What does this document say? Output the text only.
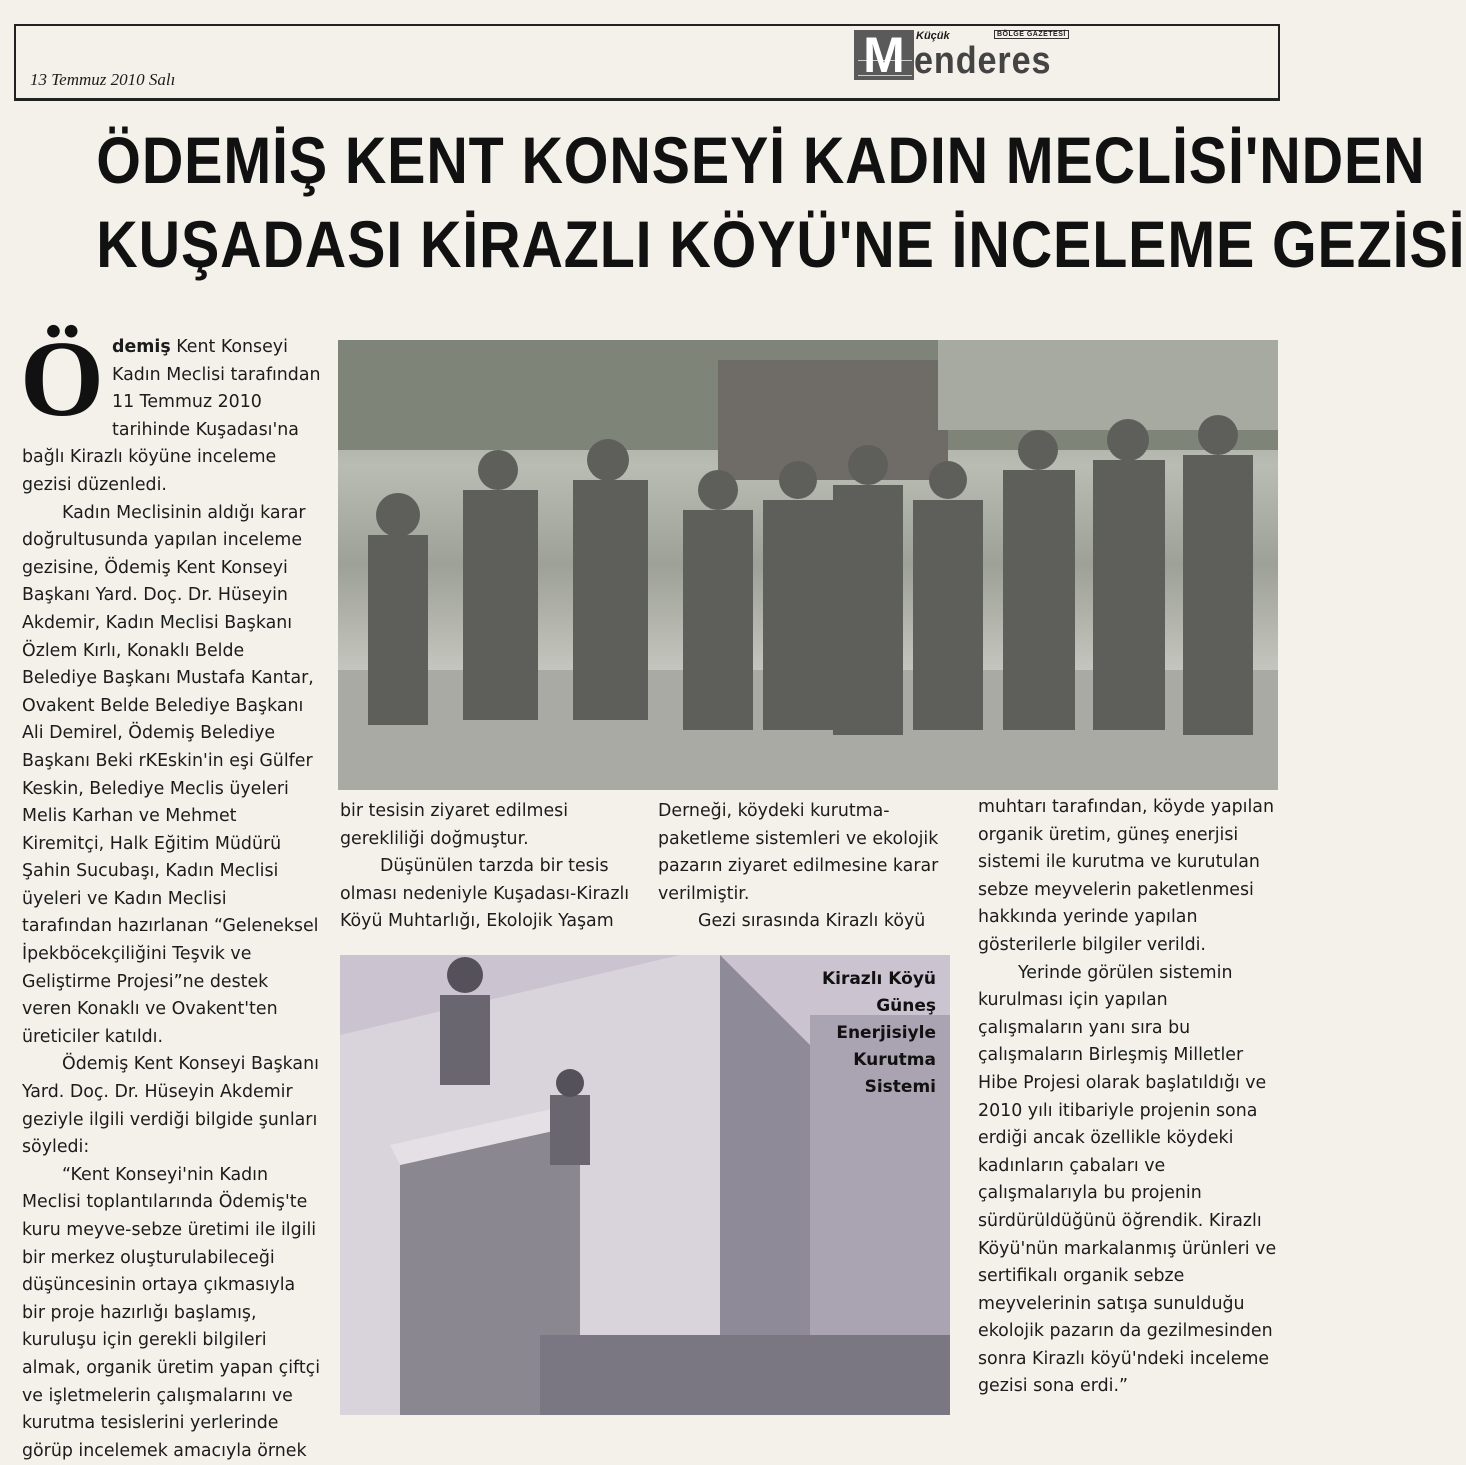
13 Temmuz 2010 Salı	M	Küçük	BÖLGE GAZETESİ
enderes
ÖDEMİŞ KENT KONSEYİ KADIN MECLİSİ'NDEN
KUŞADASI KİRAZLI KÖYÜ'NE İNCELEME GEZİSİ
Kirazlı Köyü Güneş Enerjisiyle Kurutma Sistemi

Ödemiş Kent Konseyi Kadın Meclisi tarafından 11 Temmuz 2010 tarihinde Kuşadası'na bağlı Kirazlı köyüne inceleme gezisi düzenledi.

Kadın Meclisinin aldığı karar doğrultusunda yapılan inceleme gezisine, Ödemiş Kent Konseyi Başkanı Yard. Doç. Dr. Hüseyin Akdemir, Kadın Meclisi Başkanı Özlem Kırlı, Konaklı Belde Belediye Başkanı Mustafa Kantar, Ovakent Belde Belediye Başkanı Ali Demirel, Ödemiş Belediye Başkanı Beki rKEskin'in eşi Gülfer Keskin, Belediye Meclis üyeleri Melis Karhan ve Mehmet Kiremitçi, Halk Eğitim Müdürü Şahin Sucubaşı, Kadın Meclisi üyeleri ve Kadın Meclisi tarafından hazırlanan “Geleneksel İpekböcekçiliğini Teşvik ve Geliştirme Projesi”ne destek veren Konaklı ve Ovakent'ten üreticiler katıldı.

Ödemiş Kent Konseyi Başkanı Yard. Doç. Dr. Hüseyin Akdemir geziyle ilgili verdiği bilgide şunları söyledi:

“Kent Konseyi'nin Kadın Meclisi toplantılarında Ödemiş'te kuru meyve-sebze üretimi ile ilgili bir merkez oluşturulabileceği düşüncesinin ortaya çıkmasıyla bir proje hazırlığı başlamış, kuruluşu için gerekli bilgileri almak, organik üretim yapan çiftçi ve işletmelerin çalışmalarını ve kurutma tesislerini yerlerinde görüp incelemek amacıyla örnek

bir tesisin ziyaret edilmesi gerekliliği doğmuştur.

Düşünülen tarzda bir tesis olması nedeniyle Kuşadası-Kirazlı Köyü Muhtarlığı, Ekolojik Yaşam

Derneği, köydeki kurutma-paketleme sistemleri ve ekolojik pazarın ziyaret edilmesine karar verilmiştir.

Gezi sırasında Kirazlı köyü

muhtarı tarafından, köyde yapılan organik üretim, güneş enerjisi sistemi ile kurutma ve kurutulan sebze meyvelerin paketlenmesi hakkında yerinde yapılan gösterilerle bilgiler verildi.

Yerinde görülen sistemin kurulması için yapılan çalışmaların yanı sıra bu çalışmaların Birleşmiş Milletler Hibe Projesi olarak başlatıldığı ve 2010 yılı itibariyle projenin sona erdiği ancak özellikle köydeki kadınların çabaları ve çalışmalarıyla bu projenin sürdürüldüğünü öğrendik. Kirazlı Köyü'nün markalanmış ürünleri ve sertifikalı organik sebze meyvelerinin satışa sunulduğu ekolojik pazarın da gezilmesinden sonra Kirazlı köyü'ndeki inceleme gezisi sona erdi.”
